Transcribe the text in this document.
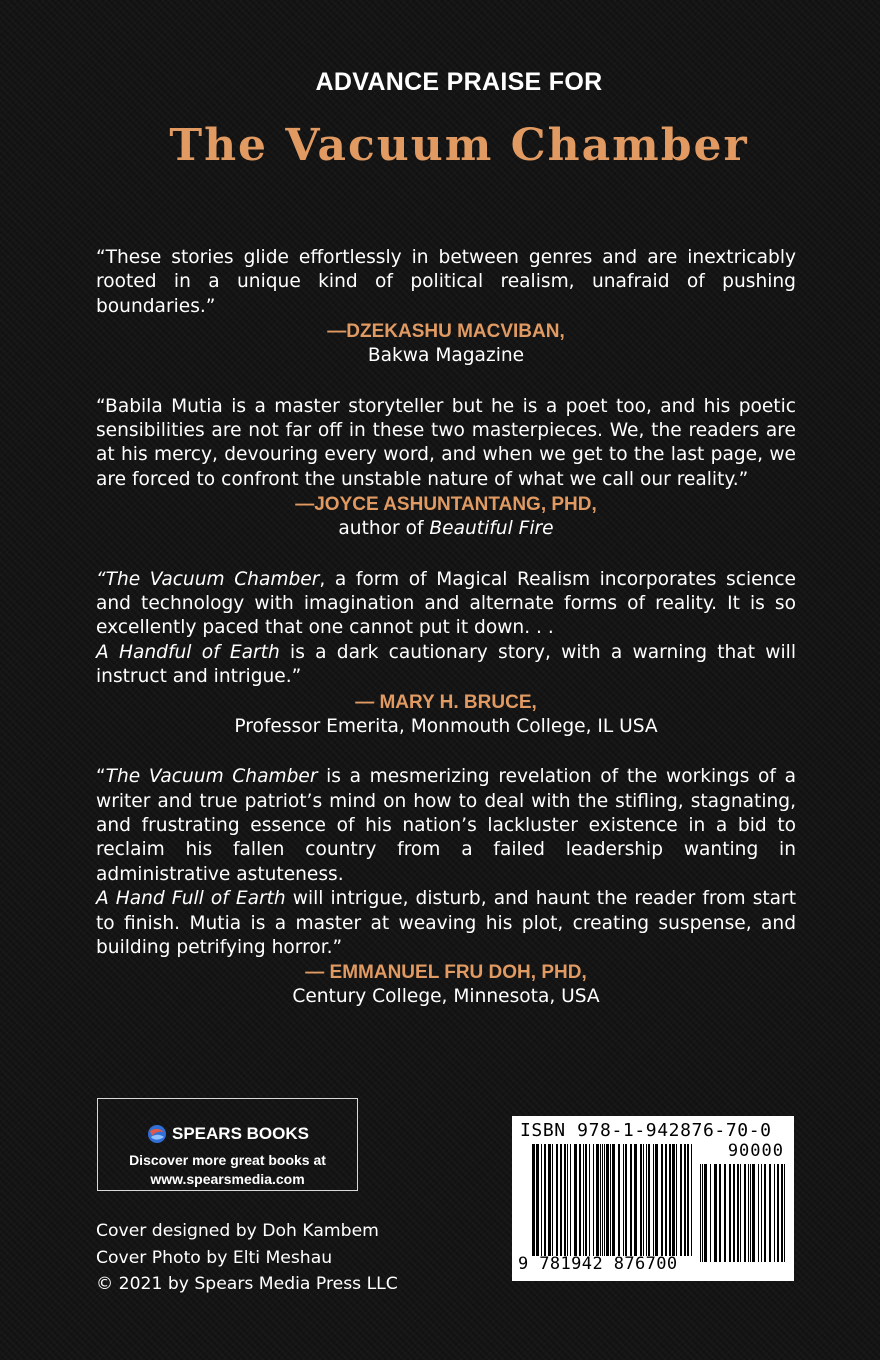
ADVANCE PRAISE FOR
The Vacuum Chamber
“These stories glide effortlessly in between genres and are inextricably rooted in a unique kind of political realism, unafraid of pushing boundaries.”
—DZEKASHU MACVIBAN,
Bakwa Magazine
“Babila Mutia is a master storyteller but he is a poet too, and his poetic sensibilities are not far off in these two masterpieces. We, the readers are at his mercy, devouring every word, and when we get to the last page, we are forced to confront the unstable nature of what we call our reality.”
—JOYCE ASHUNTANTANG, PHD,
author of Beautiful Fire
“The Vacuum Chamber, a form of Magical Realism incorporates science and technology with imagination and alternate forms of reality. It is so excellently paced that one cannot put it down. . .
A Handful of Earth is a dark cautionary story, with a warning that will instruct and intrigue.”
— MARY H. BRUCE,
Professor Emerita, Monmouth College, IL USA
“The Vacuum Chamber is a mesmerizing revelation of the workings of a writer and true patriot’s mind on how to deal with the stifling, stagnating, and frustrating essence of his nation’s lackluster existence in a bid to reclaim his fallen country from a failed leadership wanting in administrative astuteness.
A Hand Full of Earth will intrigue, disturb, and haunt the reader from start to finish. Mutia is a master at weaving his plot, creating suspense, and building petrifying horror.”
— EMMANUEL FRU DOH, PHD,
Century College, Minnesota, USA
SPEARS BOOKS
Discover more great books at
www.spearsmedia.com
Cover designed by Doh Kambem
Cover Photo by Elti Meshau
© 2021 by Spears Media Press LLC
ISBN 978-1-942876-70-0
90000
9 781942 876700
